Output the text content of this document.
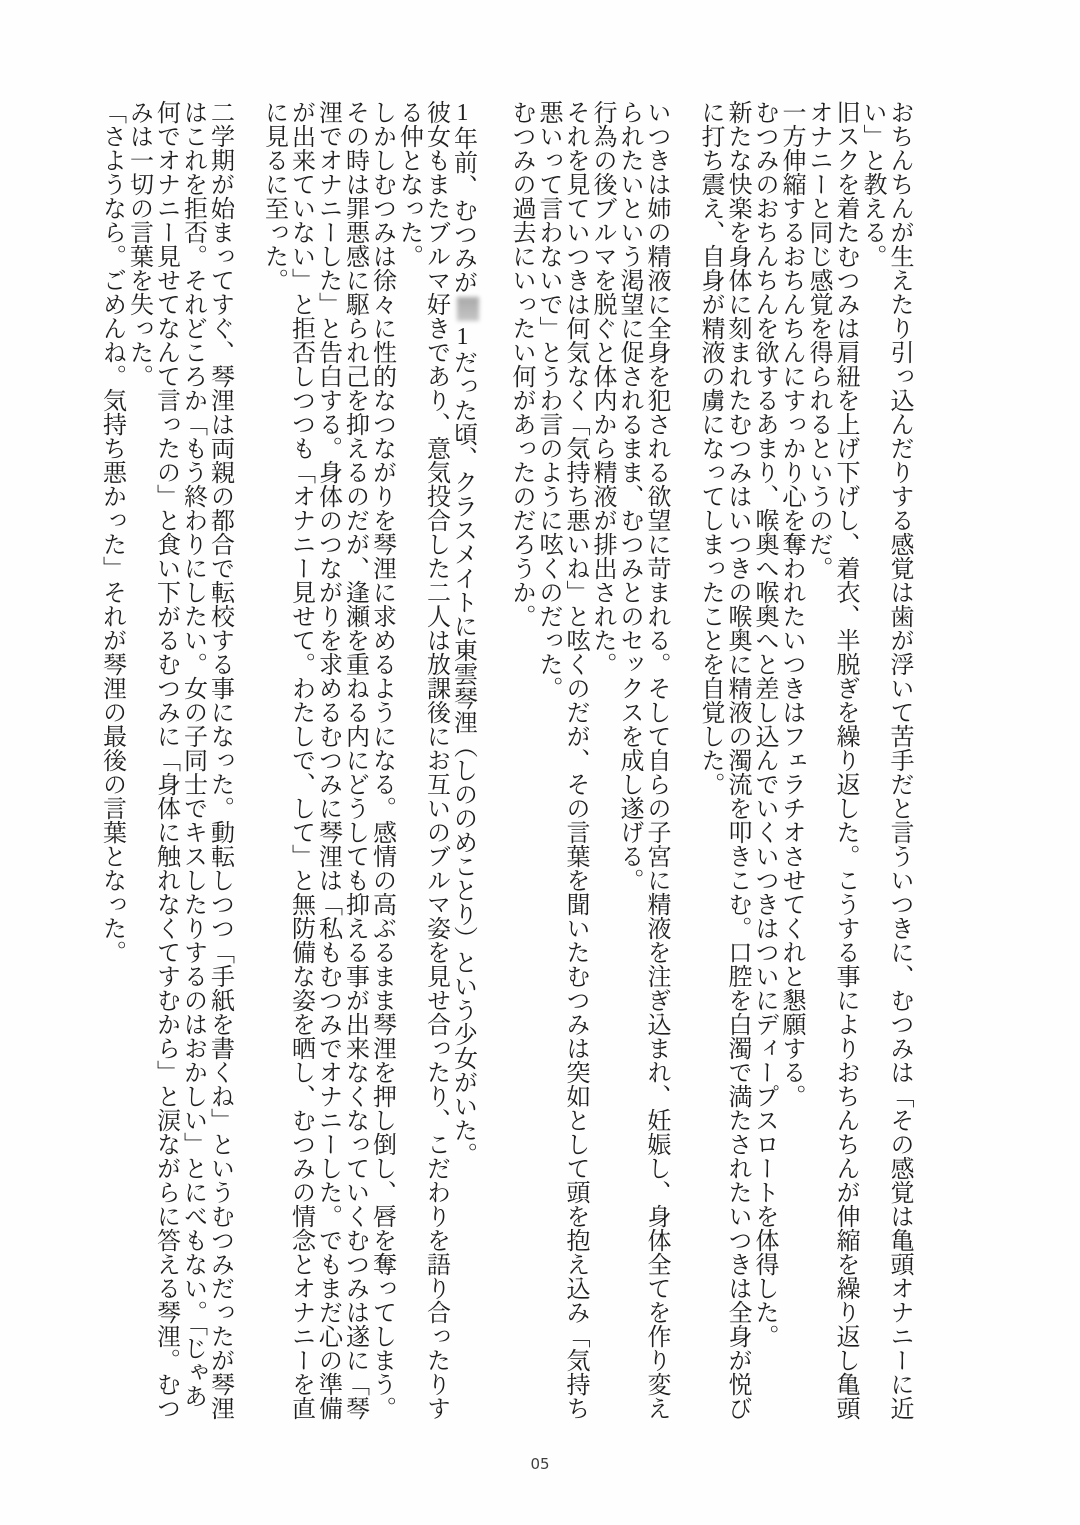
おちんちんが生えたり引っ込んだりする感覚は歯が浮いて苦手だと言ういつきに、むつみは「その感覚は亀頭オナニーに近い」と教える。

旧スクを着たむつみは肩紐を上げ下げし、着衣、半脱ぎを繰り返した。こうする事によりおちんちんが伸縮を繰り返し亀頭オナニーと同じ感覚を得られるというのだ。

一方伸縮するおちんちんにすっかり心を奪われたいつきはフェラチオさせてくれと懇願する。

むつみのおちんちんを欲するあまり、喉奥へ喉奥へと差し込んでいくいつきはついにディープスロートを体得した。

新たな快楽を身体に刻まれたむつみはいつきの喉奥に精液の濁流を叩きこむ。口腔を白濁で満たされたいつきは全身が悦びに打ち震え、自身が精液の虜になってしまったことを自覚した。

いつきは姉の精液に全身を犯される欲望に苛まれる。そして自らの子宮に精液を注ぎ込まれ、妊娠し、身体全てを作り変えられたいという渇望に促されるまま、むつみとのセックスを成し遂げる。

行為の後ブルマを脱ぐと体内から精液が排出された。

それを見ていつきは何気なく「気持ち悪いね」と呟くのだが、その言葉を聞いたむつみは突如として頭を抱え込み「気持ち悪いって言わないで」とうわ言のように呟くのだった。

むつみの過去にいったい何があったのだろうか。

1年前、むつみが1だった頃、クラスメイトに東雲琴浬（しののめことり）という少女がいた。

彼女もまたブルマ好きであり、意気投合した二人は放課後にお互いのブルマ姿を見せ合ったり、こだわりを語り合ったりする仲となった。

しかしむつみは徐々に性的なつながりを琴浬に求めるようになる。感情の高ぶるまま琴浬を押し倒し、唇を奪ってしまう。その時は罪悪感に駆られ己を抑えるのだが、逢瀬を重ねる内にどうしても抑える事が出来なくなっていくむつみは遂に「琴浬でオナニーした」と告白する。身体のつながりを求めるむつみに琴浬は「私もむつみでオナニーした。でもまだ心の準備が出来ていない」と拒否しつつも「オナニー見せて。わたしで、して」と無防備な姿を晒し、むつみの情念とオナニーを直に見るに至った。

二学期が始まってすぐ、琴浬は両親の都合で転校する事になった。動転しつつ「手紙を書くね」というむつみだったが琴浬はこれを拒否。それどころか「もう終わりにしたい。女の子同士でキスしたりするのはおかしい」とにべもない。「じゃあ何でオナニー見せてなんて言ったの」と食い下がるむつみに「身体に触れなくてすむから」と涙ながらに答える琴浬。むつみは一切の言葉を失った。

「さようなら。ごめんね。気持ち悪かった」それが琴浬の最後の言葉となった。

05
